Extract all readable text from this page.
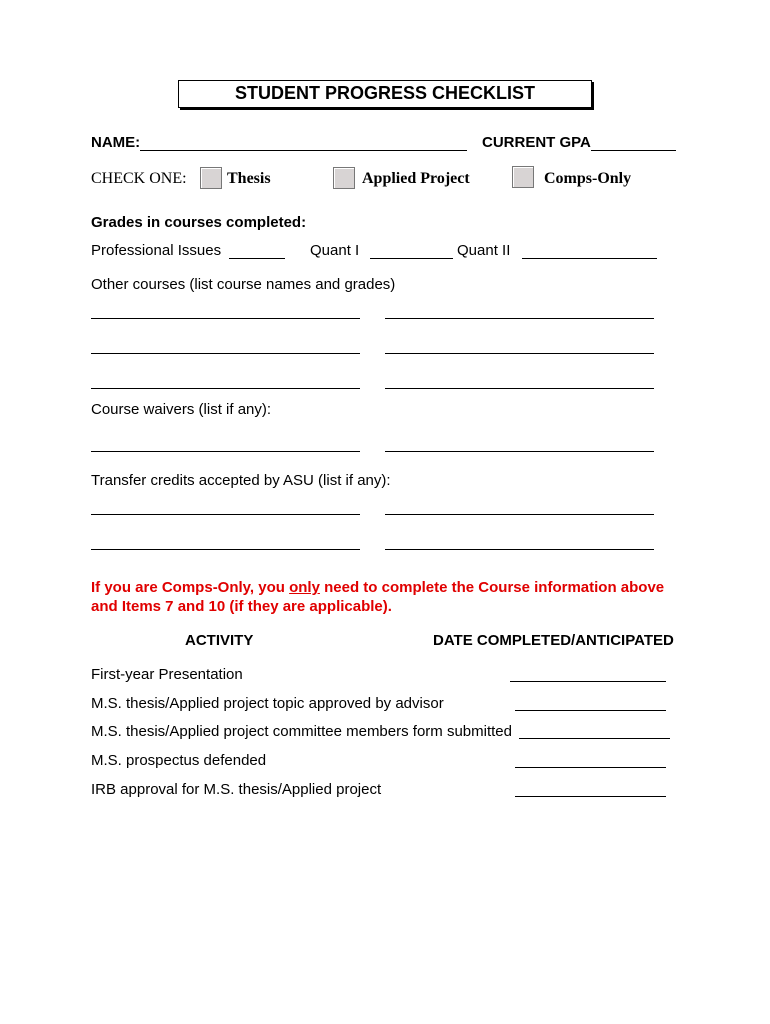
STUDENT PROGRESS CHECKLIST
NAME:	CURRENT GPA
CHECK ONE:	Thesis	Applied Project	Comps-Only
Grades in courses completed:
Professional Issues	Quant I	Quant II
Other courses (list course names and grades)
Course waivers (list if any):
Transfer credits accepted by ASU (list if any):
If you are Comps-Only, you only need to complete the Course information above
and Items 7 and 10 (if they are applicable).
ACTIVITY	DATE COMPLETED/ANTICIPATED
First-year Presentation
M.S. thesis/Applied project topic approved by advisor
M.S. thesis/Applied project committee members form submitted
M.S. prospectus defended
IRB approval for M.S. thesis/Applied project
